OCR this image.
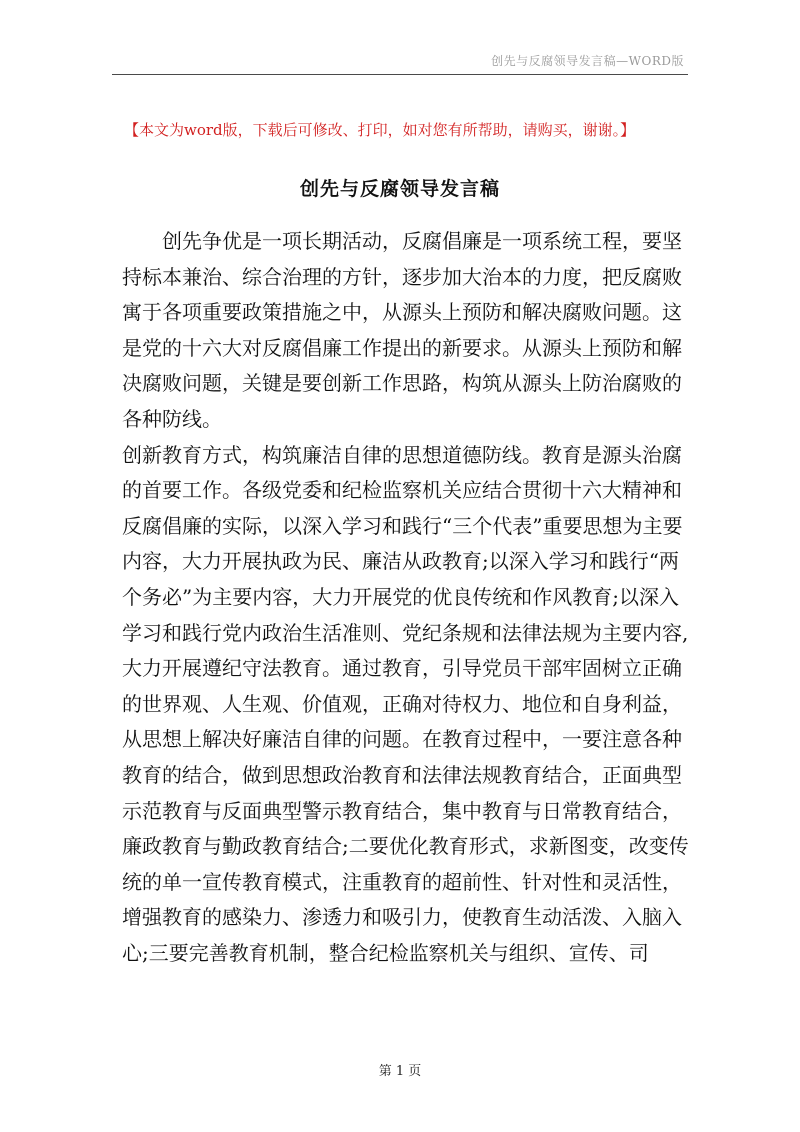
创先与反腐领导发言稿—WORD版
【本文为word版，下载后可修改、打印，如对您有所帮助，请购买，谢谢。】
创先与反腐领导发言稿

创先争优是一项长期活动，反腐倡廉是一项系统工程，要坚持标本兼治、综合治理的方针，逐步加大治本的力度，把反腐败寓于各项重要政策措施之中，从源头上预防和解决腐败问题。这是党的十六大对反腐倡廉工作提出的新要求。从源头上预防和解决腐败问题，关键是要创新工作思路，构筑从源头上防治腐败的各种防线。

创新教育方式，构筑廉洁自律的思想道德防线。教育是源头治腐的首要工作。各级党委和纪检监察机关应结合贯彻十六大精神和反腐倡廉的实际，以深入学习和践行“三个代表”重要思想为主要内容，大力开展执政为民、廉洁从政教育;以深入学习和践行“两个务必”为主要内容，大力开展党的优良传统和作风教育;以深入学习和践行党内政治生活准则、党纪条规和法律法规为主要内容,大力开展遵纪守法教育。通过教育，引导党员干部牢固树立正确的世界观、人生观、价值观，正确对待权力、地位和自身利益，从思想上解决好廉洁自律的问题。在教育过程中，一要注意各种教育的结合，做到思想政治教育和法律法规教育结合，正面典型示范教育与反面典型警示教育结合，集中教育与日常教育结合，廉政教育与勤政教育结合;二要优化教育形式，求新图变，改变传统的单一宣传教育模式，注重教育的超前性、针对性和灵活性，增强教育的感染力、渗透力和吸引力，使教育生动活泼、入脑入心;三要完善教育机制，整合纪检监察机关与组织、宣传、司

第 1 页
